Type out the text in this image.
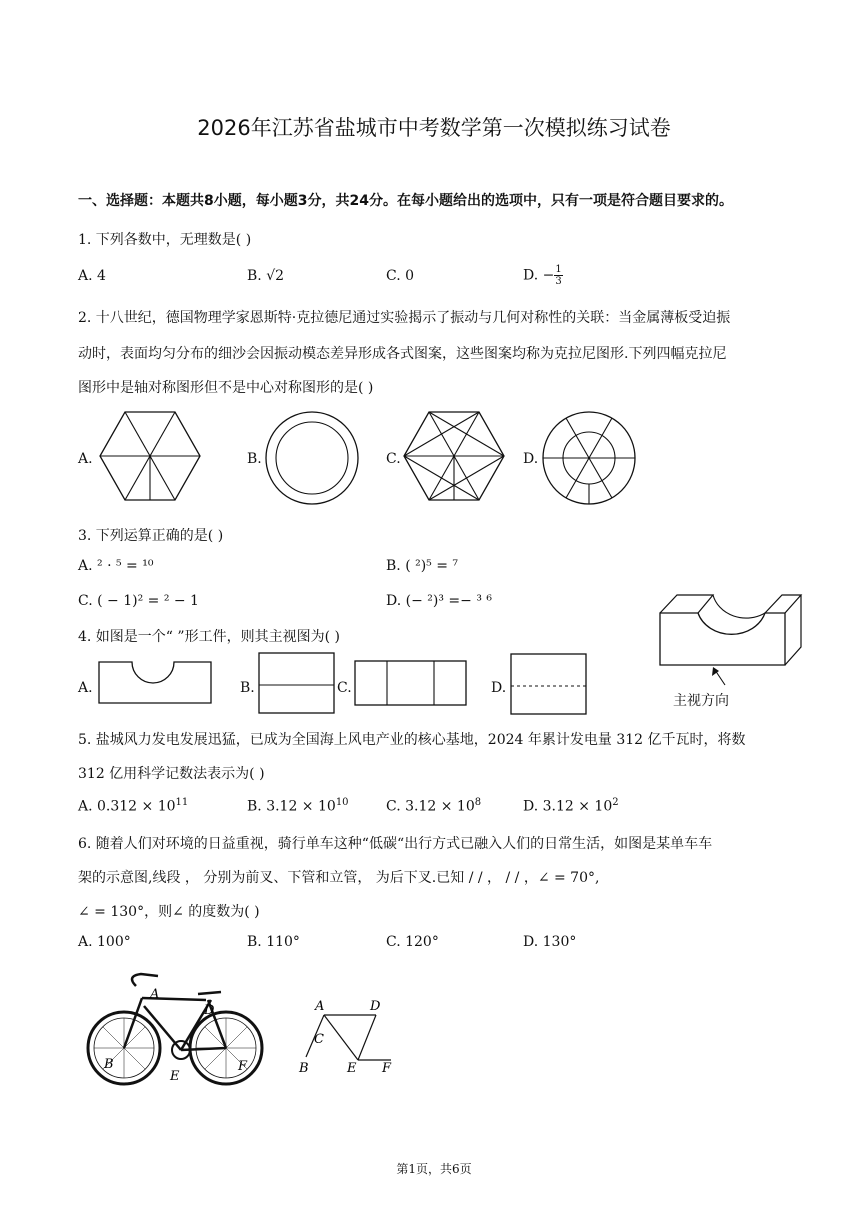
2026年江苏省盐城市中考数学第一次模拟练习试卷
一、选择题：本题共8小题，每小题3分，共24分。在每小题给出的选项中，只有一项是符合题目要求的。
1. 下列各数中，无理数是( )
A. 4	B. √2	C. 0	D. − $\frac{1}{3}$
2. 十八世纪，德国物理学家恩斯特·克拉德尼通过实验揭示了振动与几何对称性的关联：当金属薄板受迫振
动时，表面均匀分布的细沙会因振动模态差异形成各式图案，这些图案均称为克拉尼图形.下列四幅克拉尼
图形中是轴对称图形但不是中心对称图形的是( )
A.	B.	C.	D.
3. 下列运算正确的是( )
A. ² · ⁵ = ¹⁰	B. ( ²)⁵ = ⁷
C. ( − 1)² = ² − 1	D. (− ²)³ =− ³ ⁶
4. 如图是一个“ ”形工件，则其主视图为( )
主视方向
A.	B.	C.	D.
5. 盐城风力发电发展迅猛，已成为全国海上风电产业的核心基地，2024 年累计发电量 312 亿千瓦时，将数
312 亿用科学记数法表示为( )
A. $0.312 \times 10^{11}$	B. $3.12 \times 10^{10}$	C. $3.12 \times 10^8$	D. $3.12 \times 10^2$
6. 随着人们对环境的日益重视，骑行单车这种“低碳“出行方式已融入人们的日常生活，如图是某单车车
架的示意图,线段 ， 分别为前叉、下管和立管， 为后下叉.已知 / / ， / / ，∠ = 70°,
∠ = 130°，则∠ 的度数为( )
A. 100°	B. 110°	C. 120°	D. 130°
A
D
B
E
F
A	D
C
B	E F
第1页，共6页
